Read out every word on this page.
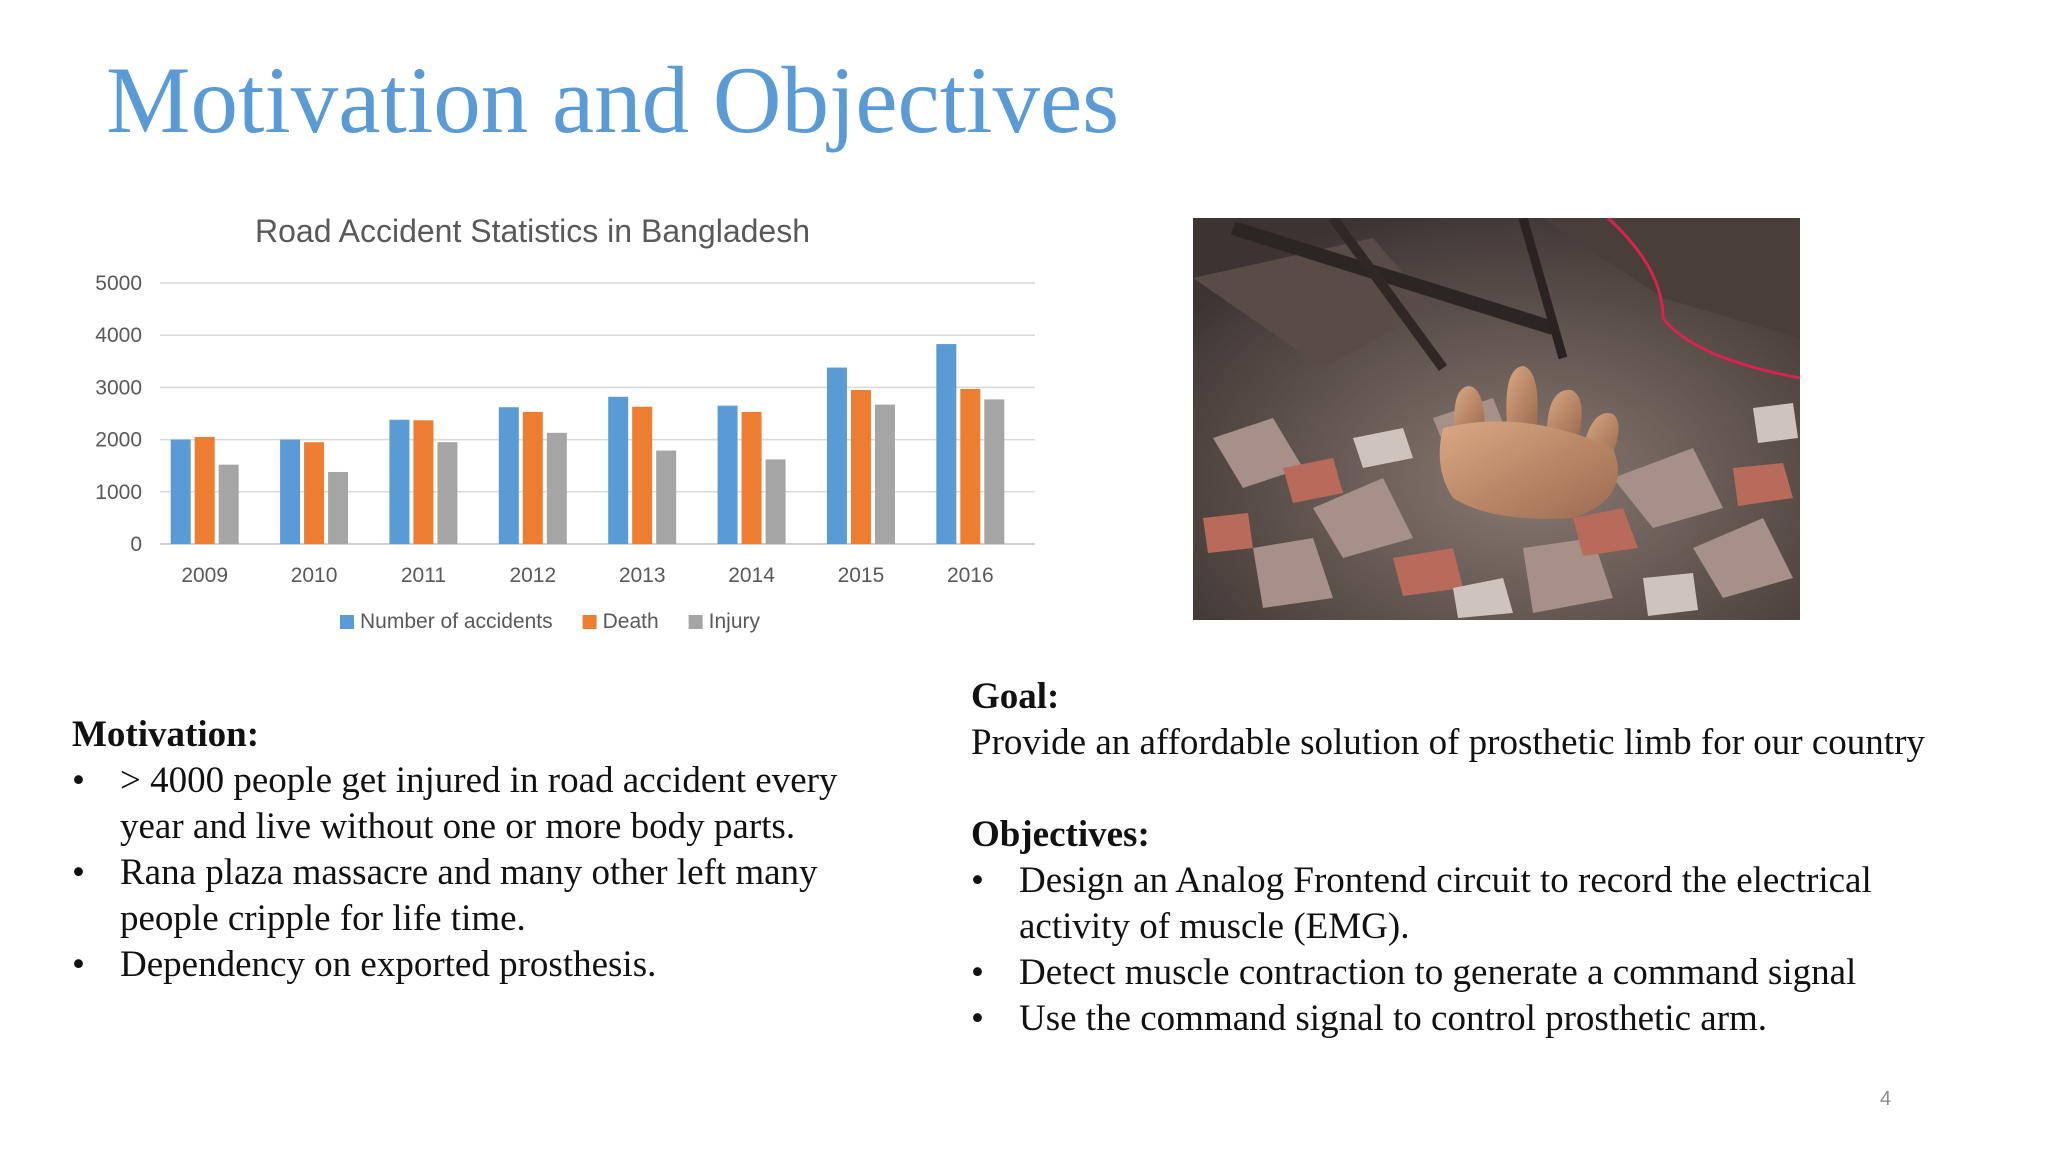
Motivation and Objectives
Road Accident Statistics in Bangladesh
0
1000
2000
3000
4000
5000
2009	2010	2011	2012	2013	2014	2015	2016
Number of accidents Death Injury
Motivation:
• > 4000 people get injured in road accident every
year and live without one or more body parts.
• Rana plaza massacre and many other left many
people cripple for life time.
• Dependency on exported prosthesis.
Goal:
Provide an affordable solution of prosthetic limb for our country
Objectives:
• Design an Analog Frontend circuit to record the electrical
activity of muscle (EMG).
• Detect muscle contraction to generate a command signal
• Use the command signal to control prosthetic arm.
4
